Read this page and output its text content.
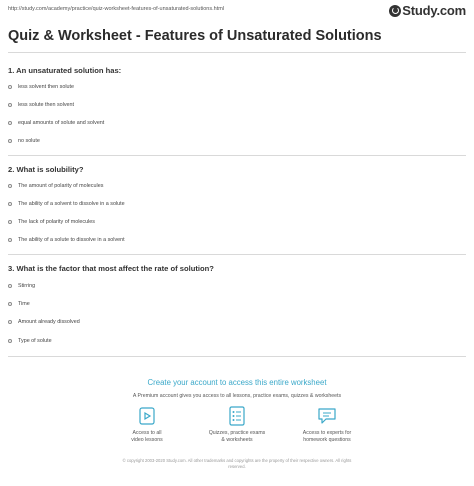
http://study.com/academy/practice/quiz-worksheet-features-of-unsaturated-solutions.html	Study.com
Quiz & Worksheet - Features of Unsaturated Solutions
1. An unsaturated solution has:
less solvent then solute
less solute then solvent
equal amounts of solute and solvent
no solute
2. What is solubility?
The amount of polarity of molecules
The ability of a solvent to dissolve in a solute
The lack of polarity of molecules
The ability of a solute to dissolve in a solvent
3. What is the factor that most affect the rate of solution?
Stirring
Time
Amount already dissolved
Type of solute
Create your account to access this entire worksheet
A Premium account gives you access to all lessons, practice exams, quizzes & worksheets
Access to all
video lessons
Quizzes, practice exams
& worksheets
Access to experts for
homework questions
© copyright 2003-2020 Study.com. All other trademarks and copyrights are the property of their respective owners. All rights
reserved.
